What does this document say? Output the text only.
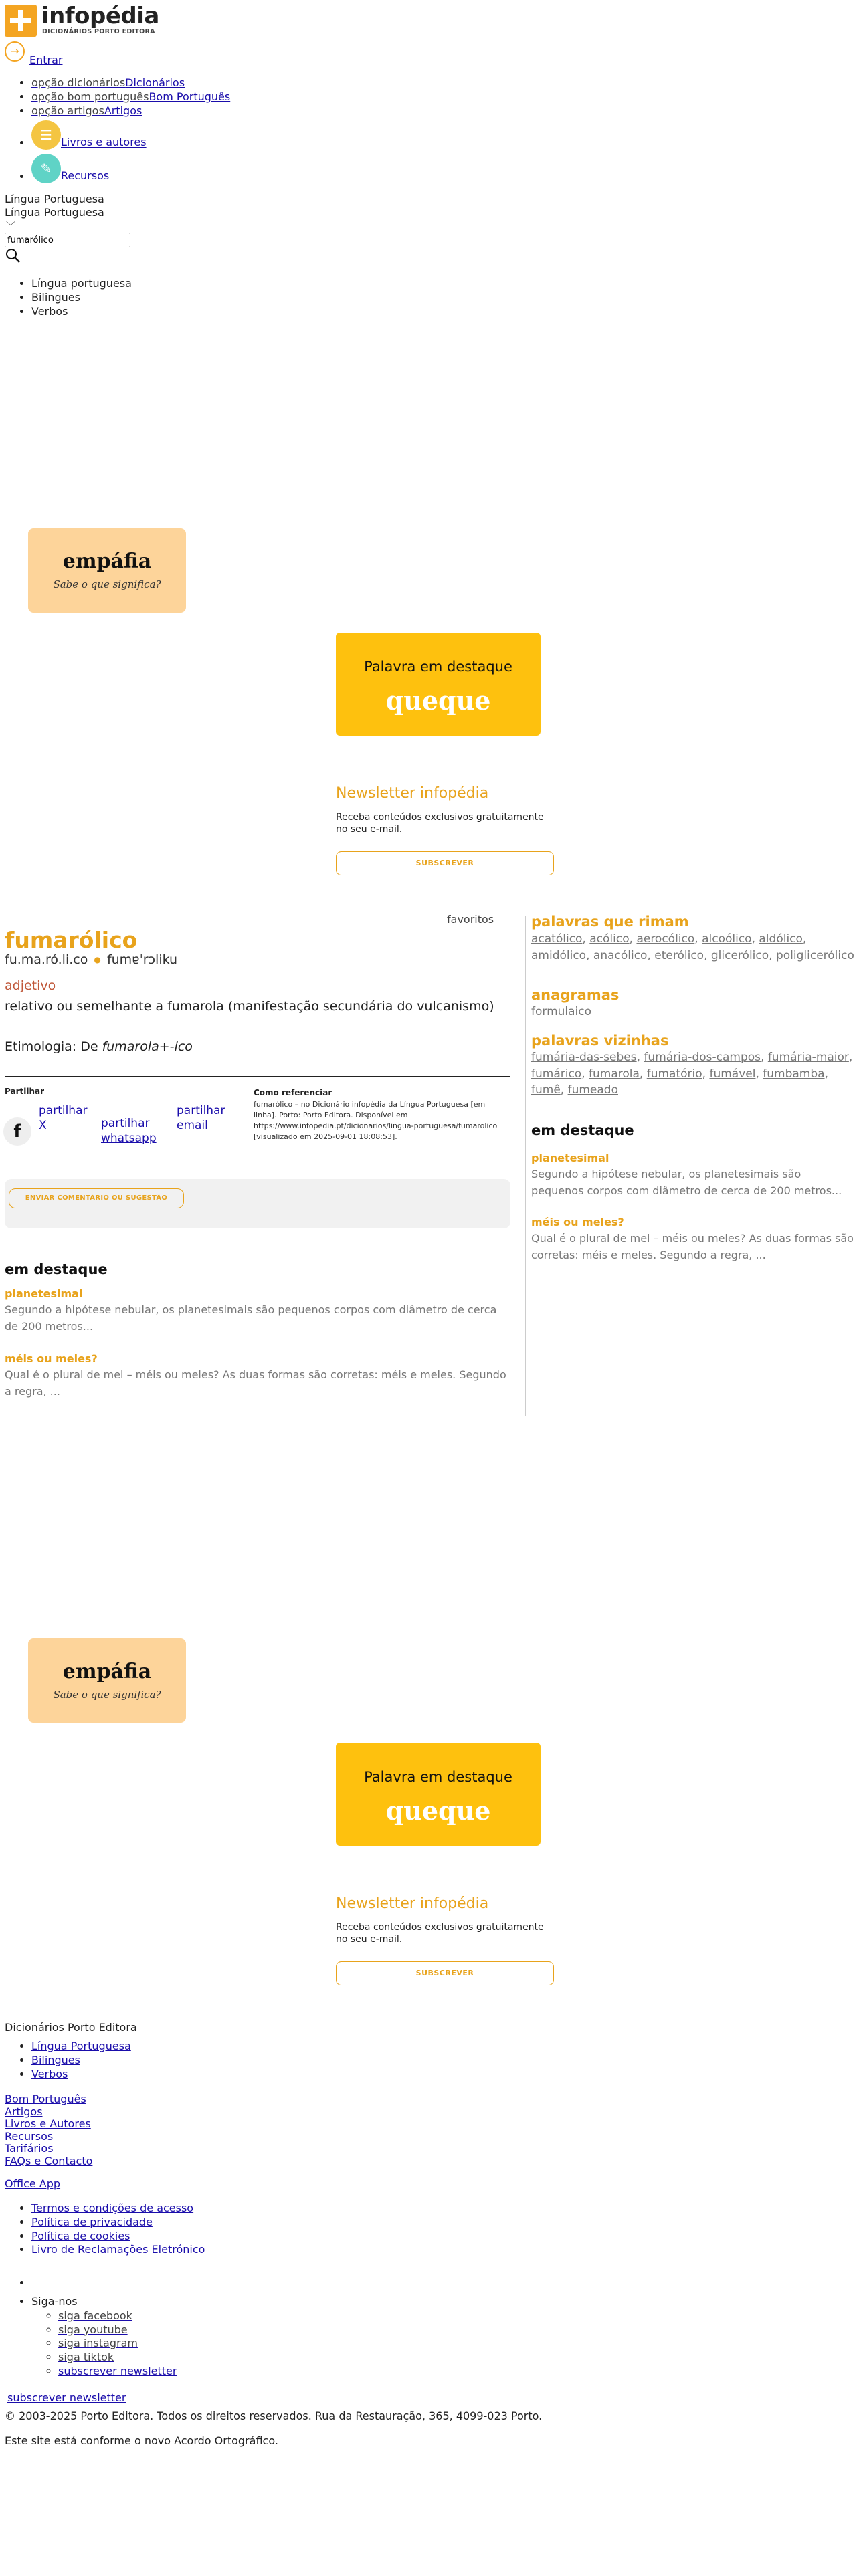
infopédia
DICIONÁRIOS PORTO EDITORA
→
Entrar
• opção dicionáriosDicionários
• opção bom portuguêsBom Português
• opção artigosArtigos
• ☰ Livros e autores
• ✎ Recursos
Língua Portuguesa
Língua Portuguesa
﹀
fumarólico
• Língua portuguesa
• Bilingues
• Verbos
empáfia
Sabe o que significa?
Palavra em destaque
queque
Newsletter infopédia
Receba conteúdos exclusivos gratuitamente no seu e-mail.
SUBSCREVER
favoritos
fumarólico
fu.ma.ró.li.co ● fumɐˈrɔliku
adjetivo
relativo ou semelhante a fumarola (manifestação secundária do vulcanismo)
Etimologia: De fumarola+-ico
Partilhar
f
partilhar X	partilhar whatsapp
partilhar email
Como referenciar
fumarólico – no Dicionário infopédia da Língua Portuguesa [em linha]. Porto: Porto Editora. Disponível em https://www.infopedia.pt/dicionarios/lingua-portuguesa/fumarolico [visualizado em 2025-09-01 18:08:53].
ENVIAR COMENTÁRIO OU SUGESTÃO
em destaque
planetesimal
Segundo a hipótese nebular, os planetesimais são pequenos corpos com diâmetro de cerca de 200 metros...
méis ou meles?
Qual é o plural de mel – méis ou meles? As duas formas são corretas: méis e meles. Segundo a regra, ...
palavras que rimam
acatólico, acólico, aerocólico, alcoólico, aldólico, amidólico, anacólico, eterólico, glicerólico, poliglicerólico
anagramas
formulaico
palavras vizinhas
fumária-das-sebes, fumária-dos-campos, fumária-maior, fumárico, fumarola, fumatório, fumável, fumbamba, fumê, fumeado
em destaque
planetesimal
Segundo a hipótese nebular, os planetesimais são pequenos corpos com diâmetro de cerca de 200 metros...
méis ou meles?
Qual é o plural de mel – méis ou meles? As duas formas são corretas: méis e meles. Segundo a regra, ...
empáfia
Sabe o que significa?
Palavra em destaque
queque
Newsletter infopédia
Receba conteúdos exclusivos gratuitamente no seu e-mail.
SUBSCREVER
Dicionários Porto Editora
• Língua Portuguesa
• Bilingues
• Verbos
Bom Português
Artigos
Livros e Autores
Recursos
Tarifários
FAQs e Contacto
Office App
• Termos e condições de acesso
• Política de privacidade
• Política de cookies
• Livro de Reclamações Eletrónico
• Siga-nos
◦ siga facebook
◦ siga youtube
◦ siga instagram
◦ siga tiktok
◦ subscrever newsletter
subscrever newsletter
© 2003-2025 Porto Editora. Todos os direitos reservados. Rua da Restauração, 365, 4099-023 Porto.
Este site está conforme o novo Acordo Ortográfico.
